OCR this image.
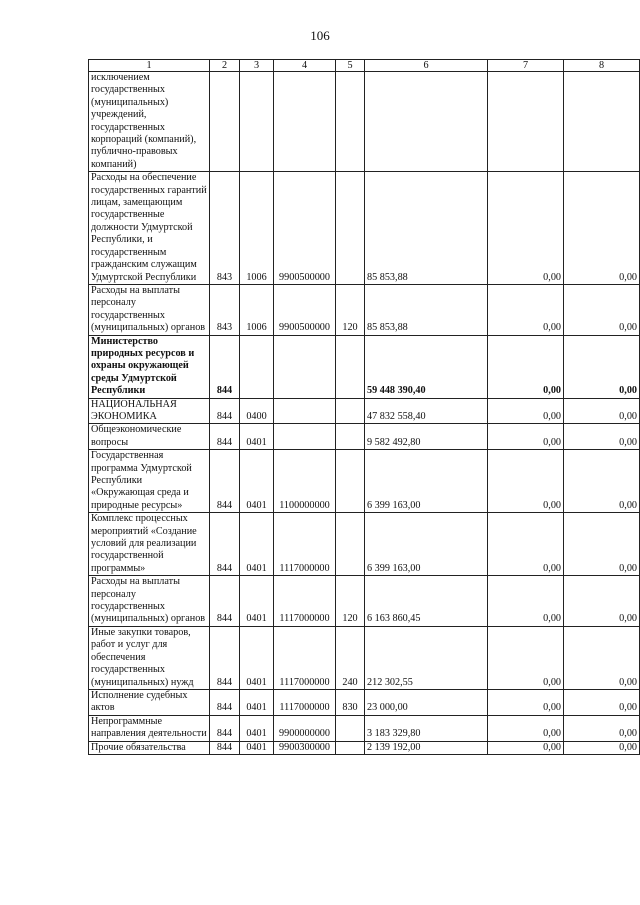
106
1	2	3	4	5	6	7	8
исключением государственных (муниципальных) учреждений, государственных корпораций (компаний), публично-правовых компаний)							
Расходы на обеспечение государственных гарантий лицам, замещающим государственные должности Удмуртской Республики, и государственным гражданским служащим Удмуртской Республики	843	1006	9900500000		85 853,88	0,00	0,00
Расходы на выплаты персоналу государственных (муниципальных) органов	843	1006	9900500000	120	85 853,88	0,00	0,00
Министерство природных ресурсов и охраны окружающей среды Удмуртской Республики	844				59 448 390,40	0,00	0,00
НАЦИОНАЛЬНАЯ ЭКОНОМИКА	844	0400			47 832 558,40	0,00	0,00
Общеэкономические вопросы	844	0401			9 582 492,80	0,00	0,00
Государственная программа Удмуртской Республики «Окружающая среда и природные ресурсы»	844	0401	1100000000		6 399 163,00	0,00	0,00
Комплекс процессных мероприятий «Создание условий для реализации государственной программы»	844	0401	1117000000		6 399 163,00	0,00	0,00
Расходы на выплаты персоналу государственных (муниципальных) органов	844	0401	1117000000	120	6 163 860,45	0,00	0,00
Иные закупки товаров, работ и услуг для обеспечения государственных (муниципальных) нужд	844	0401	1117000000	240	212 302,55	0,00	0,00
Исполнение судебных актов	844	0401	1117000000	830	23 000,00	0,00	0,00
Непрограммные направления деятельности	844	0401	9900000000		3 183 329,80	0,00	0,00
Прочие обязательства	844	0401	9900300000		2 139 192,00	0,00	0,00
